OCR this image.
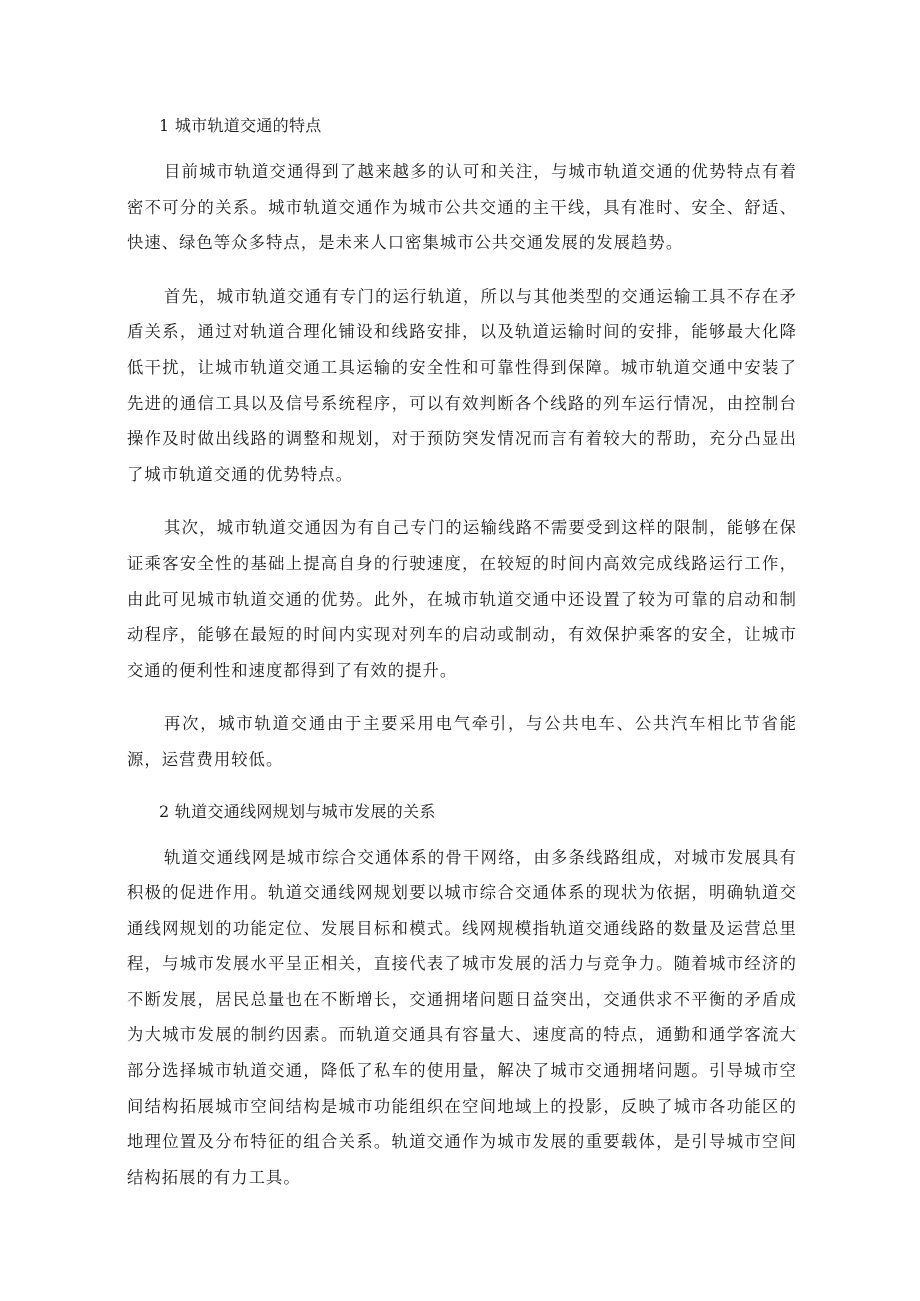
1 城市轨道交通的特点

目前城市轨道交通得到了越来越多的认可和关注，与城市轨道交通的优势特点有着密不可分的关系。城市轨道交通作为城市公共交通的主干线，具有准时、安全、舒适、快速、绿色等众多特点，是未来人口密集城市公共交通发展的发展趋势。

首先，城市轨道交通有专门的运行轨道，所以与其他类型的交通运输工具不存在矛盾关系，通过对轨道合理化铺设和线路安排，以及轨道运输时间的安排，能够最大化降低干扰，让城市轨道交通工具运输的安全性和可靠性得到保障。城市轨道交通中安装了先进的通信工具以及信号系统程序，可以有效判断各个线路的列车运行情况，由控制台操作及时做出线路的调整和规划，对于预防突发情况而言有着较大的帮助，充分凸显出了城市轨道交通的优势特点。

其次，城市轨道交通因为有自己专门的运输线路不需要受到这样的限制，能够在保证乘客安全性的基础上提高自身的行驶速度，在较短的时间内高效完成线路运行工作，由此可见城市轨道交通的优势。此外，在城市轨道交通中还设置了较为可靠的启动和制动程序，能够在最短的时间内实现对列车的启动或制动，有效保护乘客的安全，让城市交通的便利性和速度都得到了有效的提升。

再次，城市轨道交通由于主要采用电气牵引，与公共电车、公共汽车相比节省能源，运营费用较低。

2 轨道交通线网规划与城市发展的关系

轨道交通线网是城市综合交通体系的骨干网络，由多条线路组成，对城市发展具有积极的促进作用。轨道交通线网规划要以城市综合交通体系的现状为依据，明确轨道交通线网规划的功能定位、发展目标和模式。线网规模指轨道交通线路的数量及运营总里程，与城市发展水平呈正相关，直接代表了城市发展的活力与竞争力。随着城市经济的不断发展，居民总量也在不断增长，交通拥堵问题日益突出，交通供求不平衡的矛盾成为大城市发展的制约因素。而轨道交通具有容量大、速度高的特点，通勤和通学客流大部分选择城市轨道交通，降低了私车的使用量，解决了城市交通拥堵问题。引导城市空间结构拓展城市空间结构是城市功能组织在空间地域上的投影，反映了城市各功能区的地理位置及分布特征的组合关系。轨道交通作为城市发展的重要载体，是引导城市空间结构拓展的有力工具。
